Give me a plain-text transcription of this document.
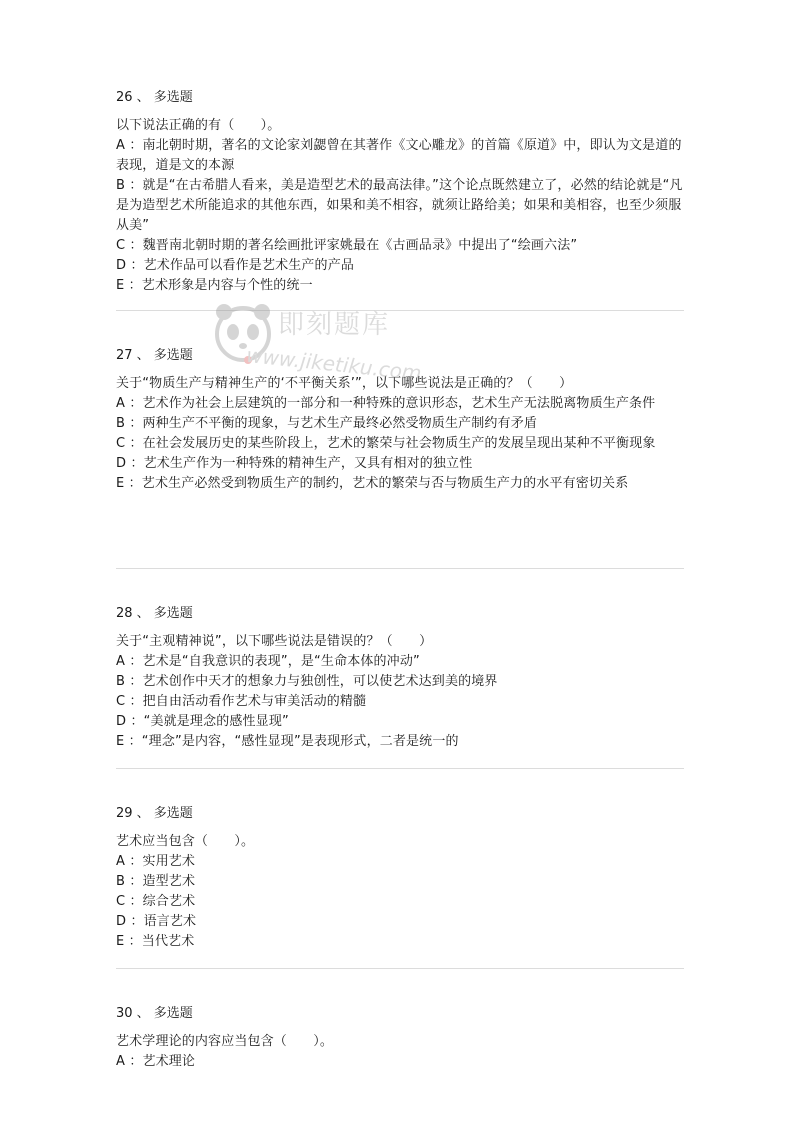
26 、 多选题
以下说法正确的有（　　）。
A ：南北朝时期，著名的文论家刘勰曾在其著作《文心雕龙》的首篇《原道》中，即认为文是道的表现，道是文的本源
B ：就是“在古希腊人看来，美是造型艺术的最高法律。”这个论点既然建立了，必然的结论就是“凡是为造型艺术所能追求的其他东西，如果和美不相容，就须让路给美；如果和美相容，也至少须服从美”
C ：魏晋南北朝时期的著名绘画批评家姚最在《古画品录》中提出了“绘画六法”
D ：艺术作品可以看作是艺术生产的产品
E ：艺术形象是内容与个性的统一
27 、 多选题
关于“物质生产与精神生产的‘不平衡关系’”，以下哪些说法是正确的？（　　）
A ：艺术作为社会上层建筑的一部分和一种特殊的意识形态，艺术生产无法脱离物质生产条件
B ：两种生产不平衡的现象，与艺术生产最终必然受物质生产制约有矛盾
C ：在社会发展历史的某些阶段上，艺术的繁荣与社会物质生产的发展呈现出某种不平衡现象
D ：艺术生产作为一种特殊的精神生产，又具有相对的独立性
E ：艺术生产必然受到物质生产的制约，艺术的繁荣与否与物质生产力的水平有密切关系
28 、 多选题
关于“主观精神说”，以下哪些说法是错误的？（　　）
A ：艺术是“自我意识的表现”，是“生命本体的冲动”
B ：艺术创作中天才的想象力与独创性，可以使艺术达到美的境界
C ：把自由活动看作艺术与审美活动的精髓
D ：“美就是理念的感性显现”
E ：“理念”是内容，“感性显现”是表现形式，二者是统一的
29 、 多选题
艺术应当包含（　　）。
A ：实用艺术
B ：造型艺术
C ：综合艺术
D ：语言艺术
E ：当代艺术
30 、 多选题
艺术学理论的内容应当包含（　　）。
A ：艺术理论
即刻题库
www.jiketiku.com
